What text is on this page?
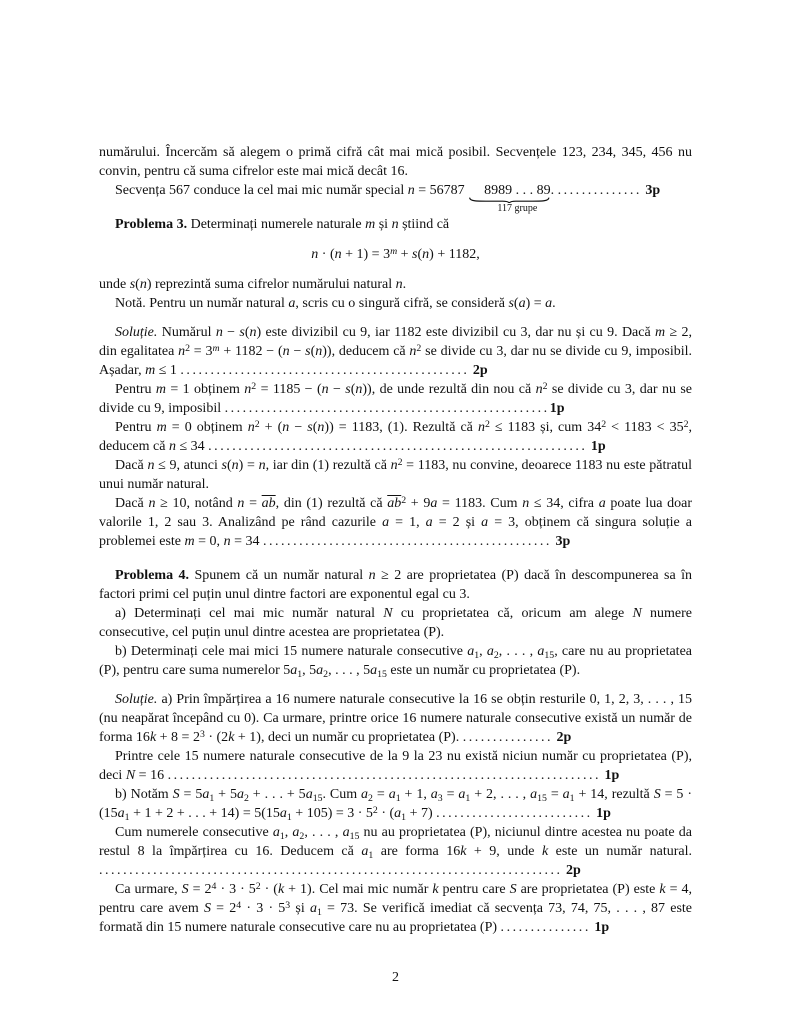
numărului. Încercăm să alegem o primă cifră cât mai mică posibil. Secvențele 123, 234, 345, 456 nu convin, pentru că suma cifrelor este mai mică decât 16.

Secvența 567 conduce la cel mai mic număr special n = 56787 8989 . . . 89
117 grupe
. .............. 3p

Problema 3. Determinați numerele naturale m și n știind că

$n \cdot (n + 1) = 3^m + s(n) + 1182$,

unde s(n) reprezintă suma cifrelor numărului natural n.

Notă. Pentru un număr natural a, scris cu o singură cifră, se consideră s(a) = a.

Soluție. Numărul n − s(n) este divizibil cu 9, iar 1182 este divizibil cu 3, dar nu și cu 9. Dacă m ≥ 2, din egalitatea $n^2 = 3^m + 1182 - (n - s(n))$, deducem că $n^2$ se divide cu 3, dar nu se divide cu 9, imposibil. Așadar, m ≤ 1 ................................................ 2p

Pentru m = 1 obținem $n^2 = 1185 - (n - s(n))$, de unde rezultă din nou că $n^2$ se divide cu 3, dar nu se divide cu 9, imposibil ......................................................1p

Pentru m = 0 obținem $n^2 + (n - s(n)) = 1183$, (1). Rezultă că $n^2 \le 1183$ și, cum $34^2 < 1183 < 35^2$, deducem că n ≤ 34 ............................................................... 1p

Dacă n ≤ 9, atunci s(n) = n, iar din (1) rezultă că $n^2 = 1183$, nu convine, deoarece 1183 nu este pătratul unui număr natural.

Dacă n ≥ 10, notând $n = \overline{ab}$, din (1) rezultă că $\overline{ab}^2 + 9a = 1183$. Cum n ≤ 34, cifra a poate lua doar valorile 1, 2 sau 3. Analizând pe rând cazurile a = 1, a = 2 și a = 3, obținem că singura soluție a problemei este m = 0, n = 34 ................................................ 3p

Problema 4. Spunem că un număr natural n ≥ 2 are proprietatea (P) dacă în descompunerea sa în factori primi cel puțin unul dintre factori are exponentul egal cu 3.

a) Determinați cel mai mic număr natural N cu proprietatea că, oricum am alege N numere consecutive, cel puțin unul dintre acestea are proprietatea (P).

b) Determinați cele mai mici 15 numere naturale consecutive a1, a2, . . . , a15, care nu au proprietatea (P), pentru care suma numerelor 5a1, 5a2, . . . , 5a15 este un număr cu proprietatea (P).

Soluție. a) Prin împărțirea a 16 numere naturale consecutive la 16 se obțin resturile 0, 1, 2, 3, . . . , 15 (nu neapărat începând cu 0). Ca urmare, printre orice 16 numere naturale consecutive există un număr de forma $16k + 8 = 2^3 \cdot (2k + 1)$, deci un număr cu proprietatea (P). ............... 2p

Printre cele 15 numere naturale consecutive de la 9 la 23 nu există niciun număr cu proprietatea (P), deci N = 16 ........................................................................ 1p

b) Notăm S = 5a1 + 5a2 + . . . + 5a15. Cum a2 = a1 + 1, a3 = a1 + 2, . . . , a15 = a1 + 14, rezultă S = 5 · (15a1 + 1 + 2 + . . . + $14) = 5(15a1 + 105) = 3 \cdot 5^2 \cdot (a1 + 7)$ .......................... 1p

Cum numerele consecutive a1, a2, . . . , a15 nu au proprietatea (P), niciunul dintre acestea nu poate da restul 8 la împărțirea cu 16. Deducem că a1 are forma 16k + 9, unde k este un număr natural. ............................................................................. 2p

Ca urmare, $S = 2^4 \cdot 3 \cdot 5^2 \cdot (k + 1)$. Cel mai mic număr k pentru care S are proprietatea (P) este k = 4, pentru care avem $S = 2^4 \cdot 3 \cdot 5^3$ și a1 = 73. Se verifică imediat că secvența 73, 74, 75, . . . , 87 este formată din 15 numere naturale consecutive care nu au proprietatea (P) ............... 1p

2
